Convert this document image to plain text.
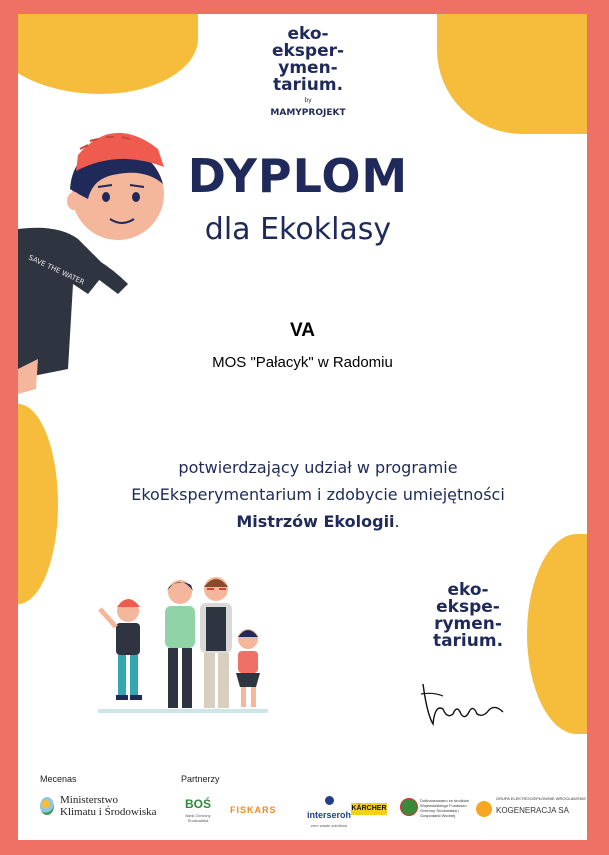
eko-
eksper-
ymen-
tarium.
by
MAMYPROJEKT
SAVE THE WATER
DYPLOM
dla Ekoklasy
VA
MOS "Pałacyk" w Radomiu
potwierdzający udział w programie
EkoEksperymentarium i zdobycie umiejętności
Mistrzów Ekologii.
eko-
ekspe-
rymen-
tarium.
Mecenas	Partnerzy
Ministerstwo
Klimatu i Środowiska
BOŚ
Bank Ochrony Środowiska
FISKARS	interseroh
zero waste solutions
KÄRCHER
Dofinansowano ze środków Wojewódzkiego Funduszu Ochrony Środowiska i Gospodarki Wodnej
GRUPA ELEKTROCIEPŁOWNIE WROCŁAWSKIE
KOGENERACJA SA
